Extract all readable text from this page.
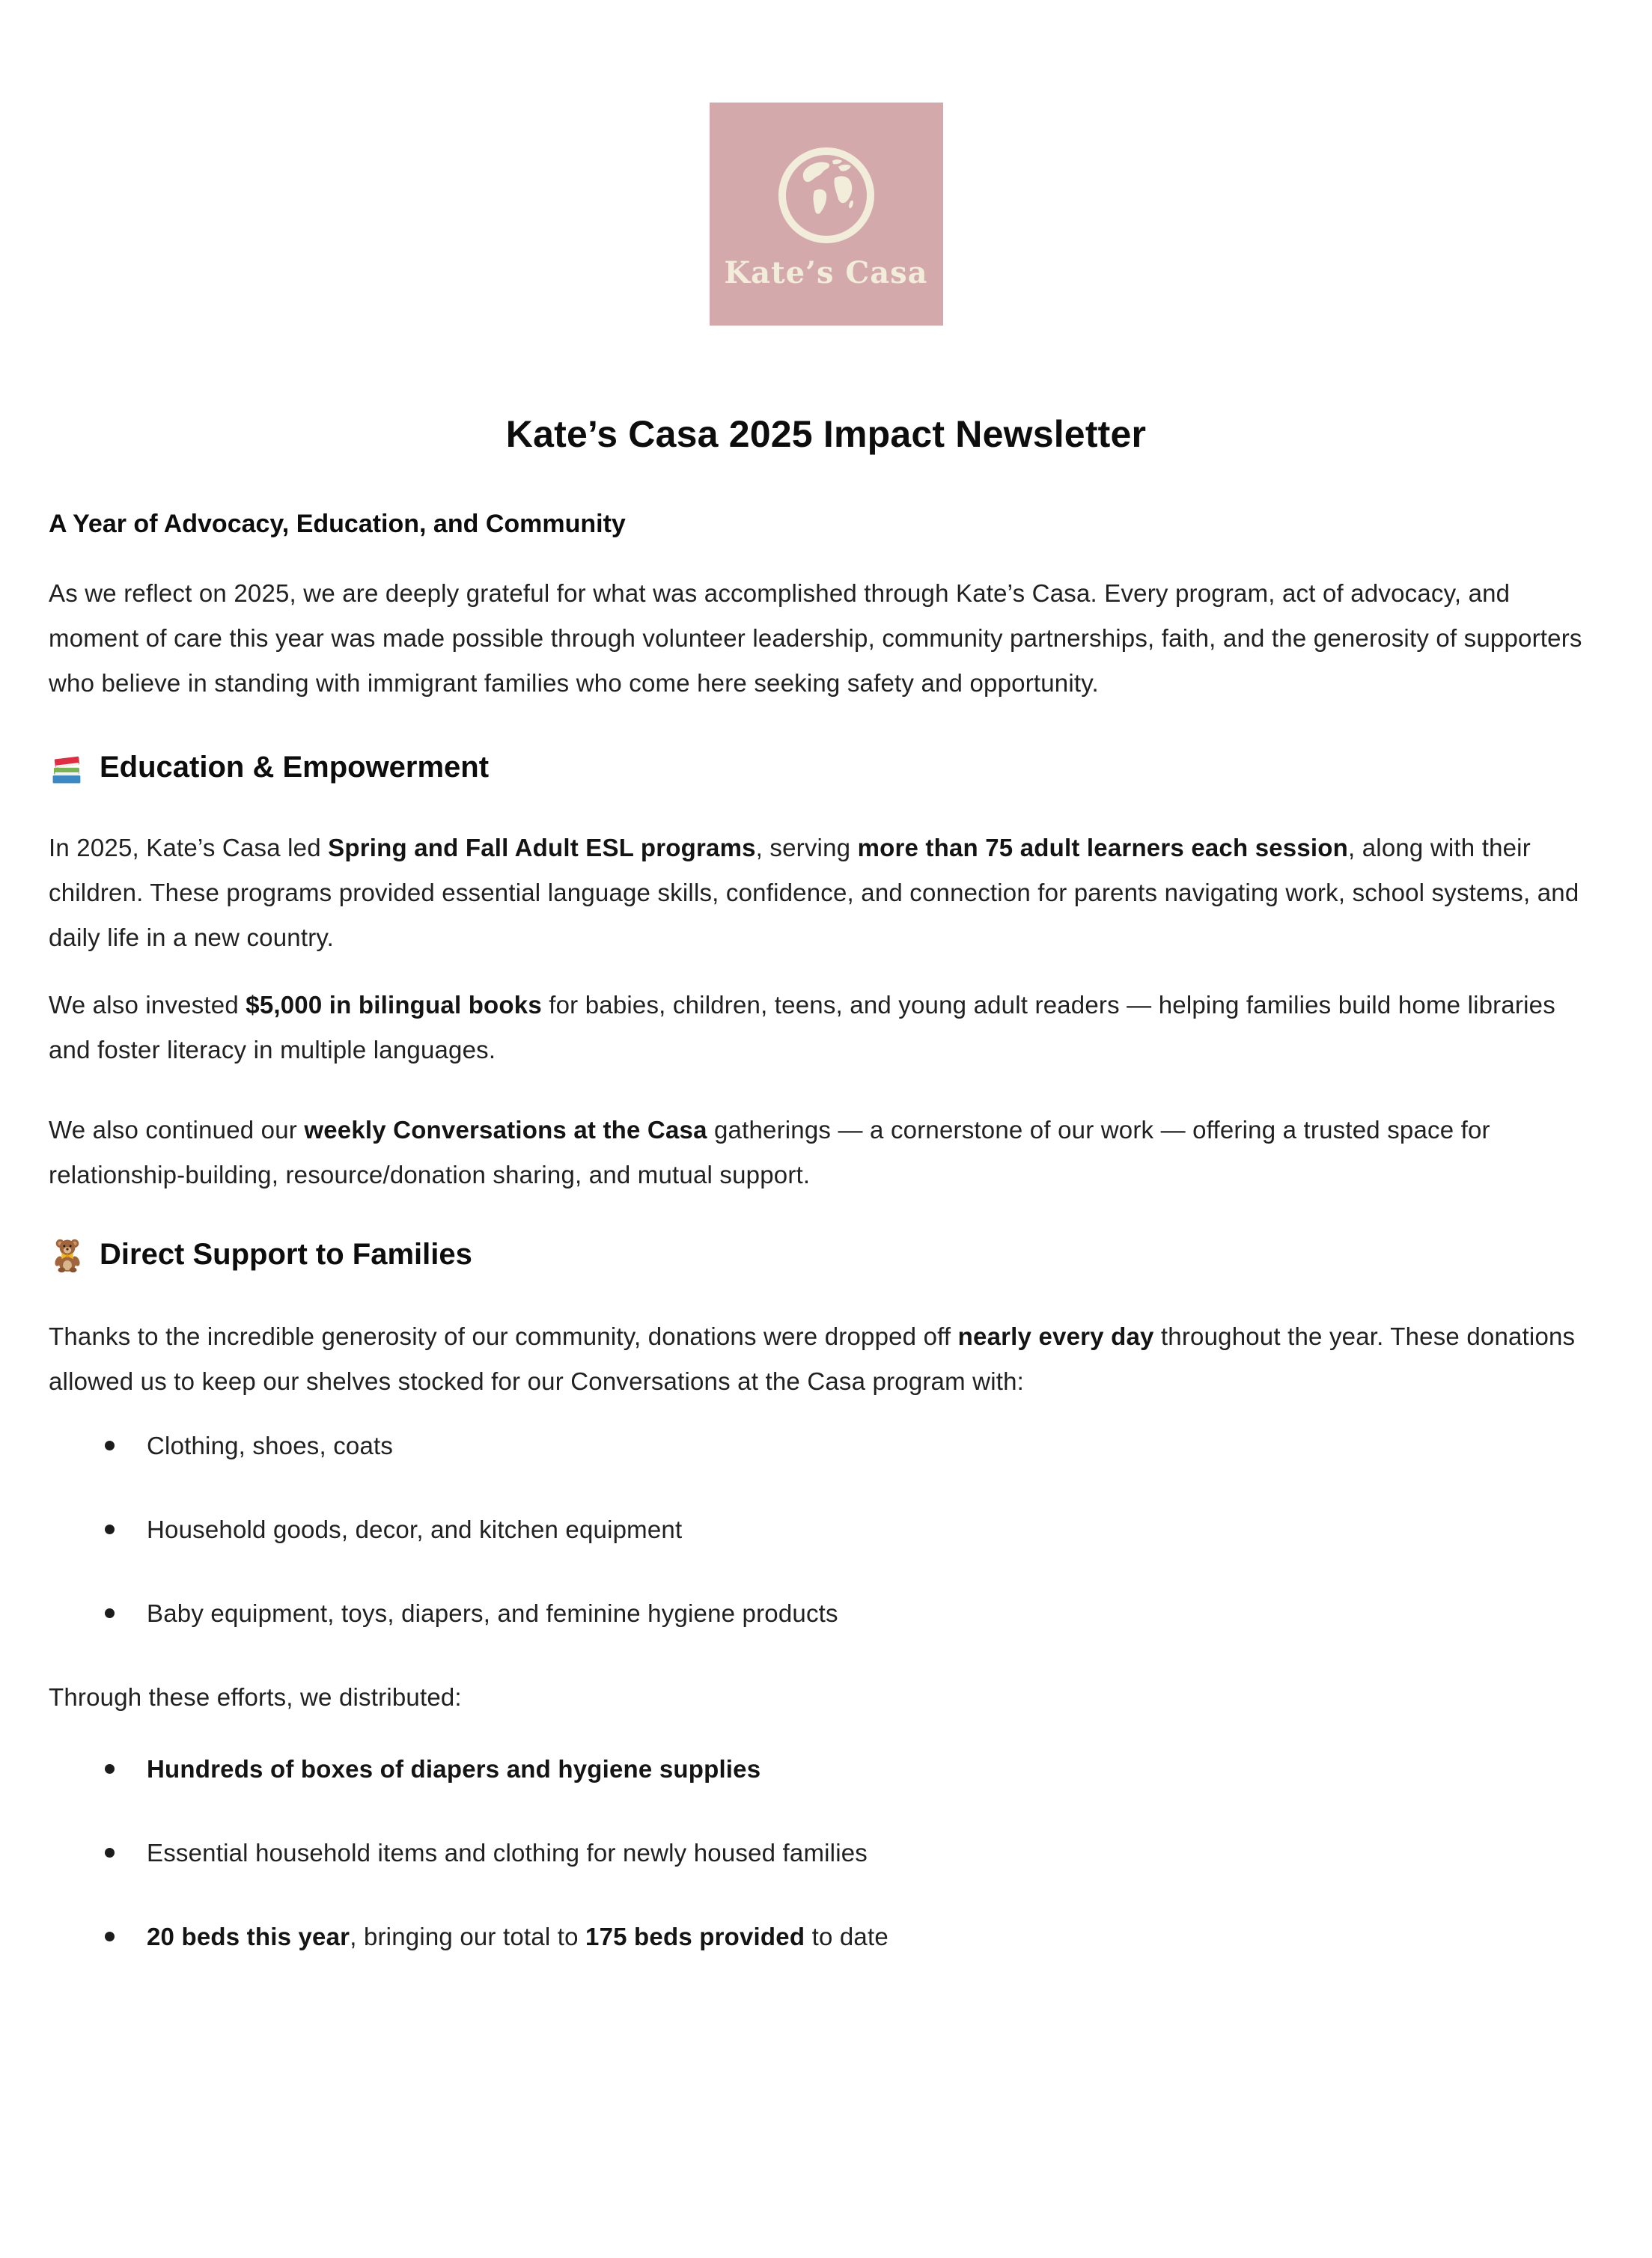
Kate’s Casa
Kate’s Casa 2025 Impact Newsletter
A Year of Advocacy, Education, and Community

As we reflect on 2025, we are deeply grateful for what was accomplished through Kate’s Casa. Every program, act of advocacy, and moment of care this year was made possible through volunteer leadership, community partnerships, faith, and the generosity of supporters who believe in standing with immigrant families who come here seeking safety and opportunity.

Education & Empowerment

In 2025, Kate’s Casa led Spring and Fall Adult ESL programs, serving more than 75 adult learners each session, along with their children. These programs provided essential language skills, confidence, and connection for parents navigating work, school systems, and daily life in a new country.

We also invested $5,000 in bilingual books for babies, children, teens, and young adult readers — helping families build home libraries and foster literacy in multiple languages.

We also continued our weekly Conversations at the Casa gatherings — a cornerstone of our work — offering a trusted space for relationship-building, resource/donation sharing, and mutual support.

Direct Support to Families

Thanks to the incredible generosity of our community, donations were dropped off nearly every day throughout the year. These donations allowed us to keep our shelves stocked for our Conversations at the Casa program with:

Clothing, shoes, coats
Household goods, decor, and kitchen equipment
Baby equipment, toys, diapers, and feminine hygiene products

Through these efforts, we distributed:

Hundreds of boxes of diapers and hygiene supplies
Essential household items and clothing for newly housed families
20 beds this year, bringing our total to 175 beds provided to date
